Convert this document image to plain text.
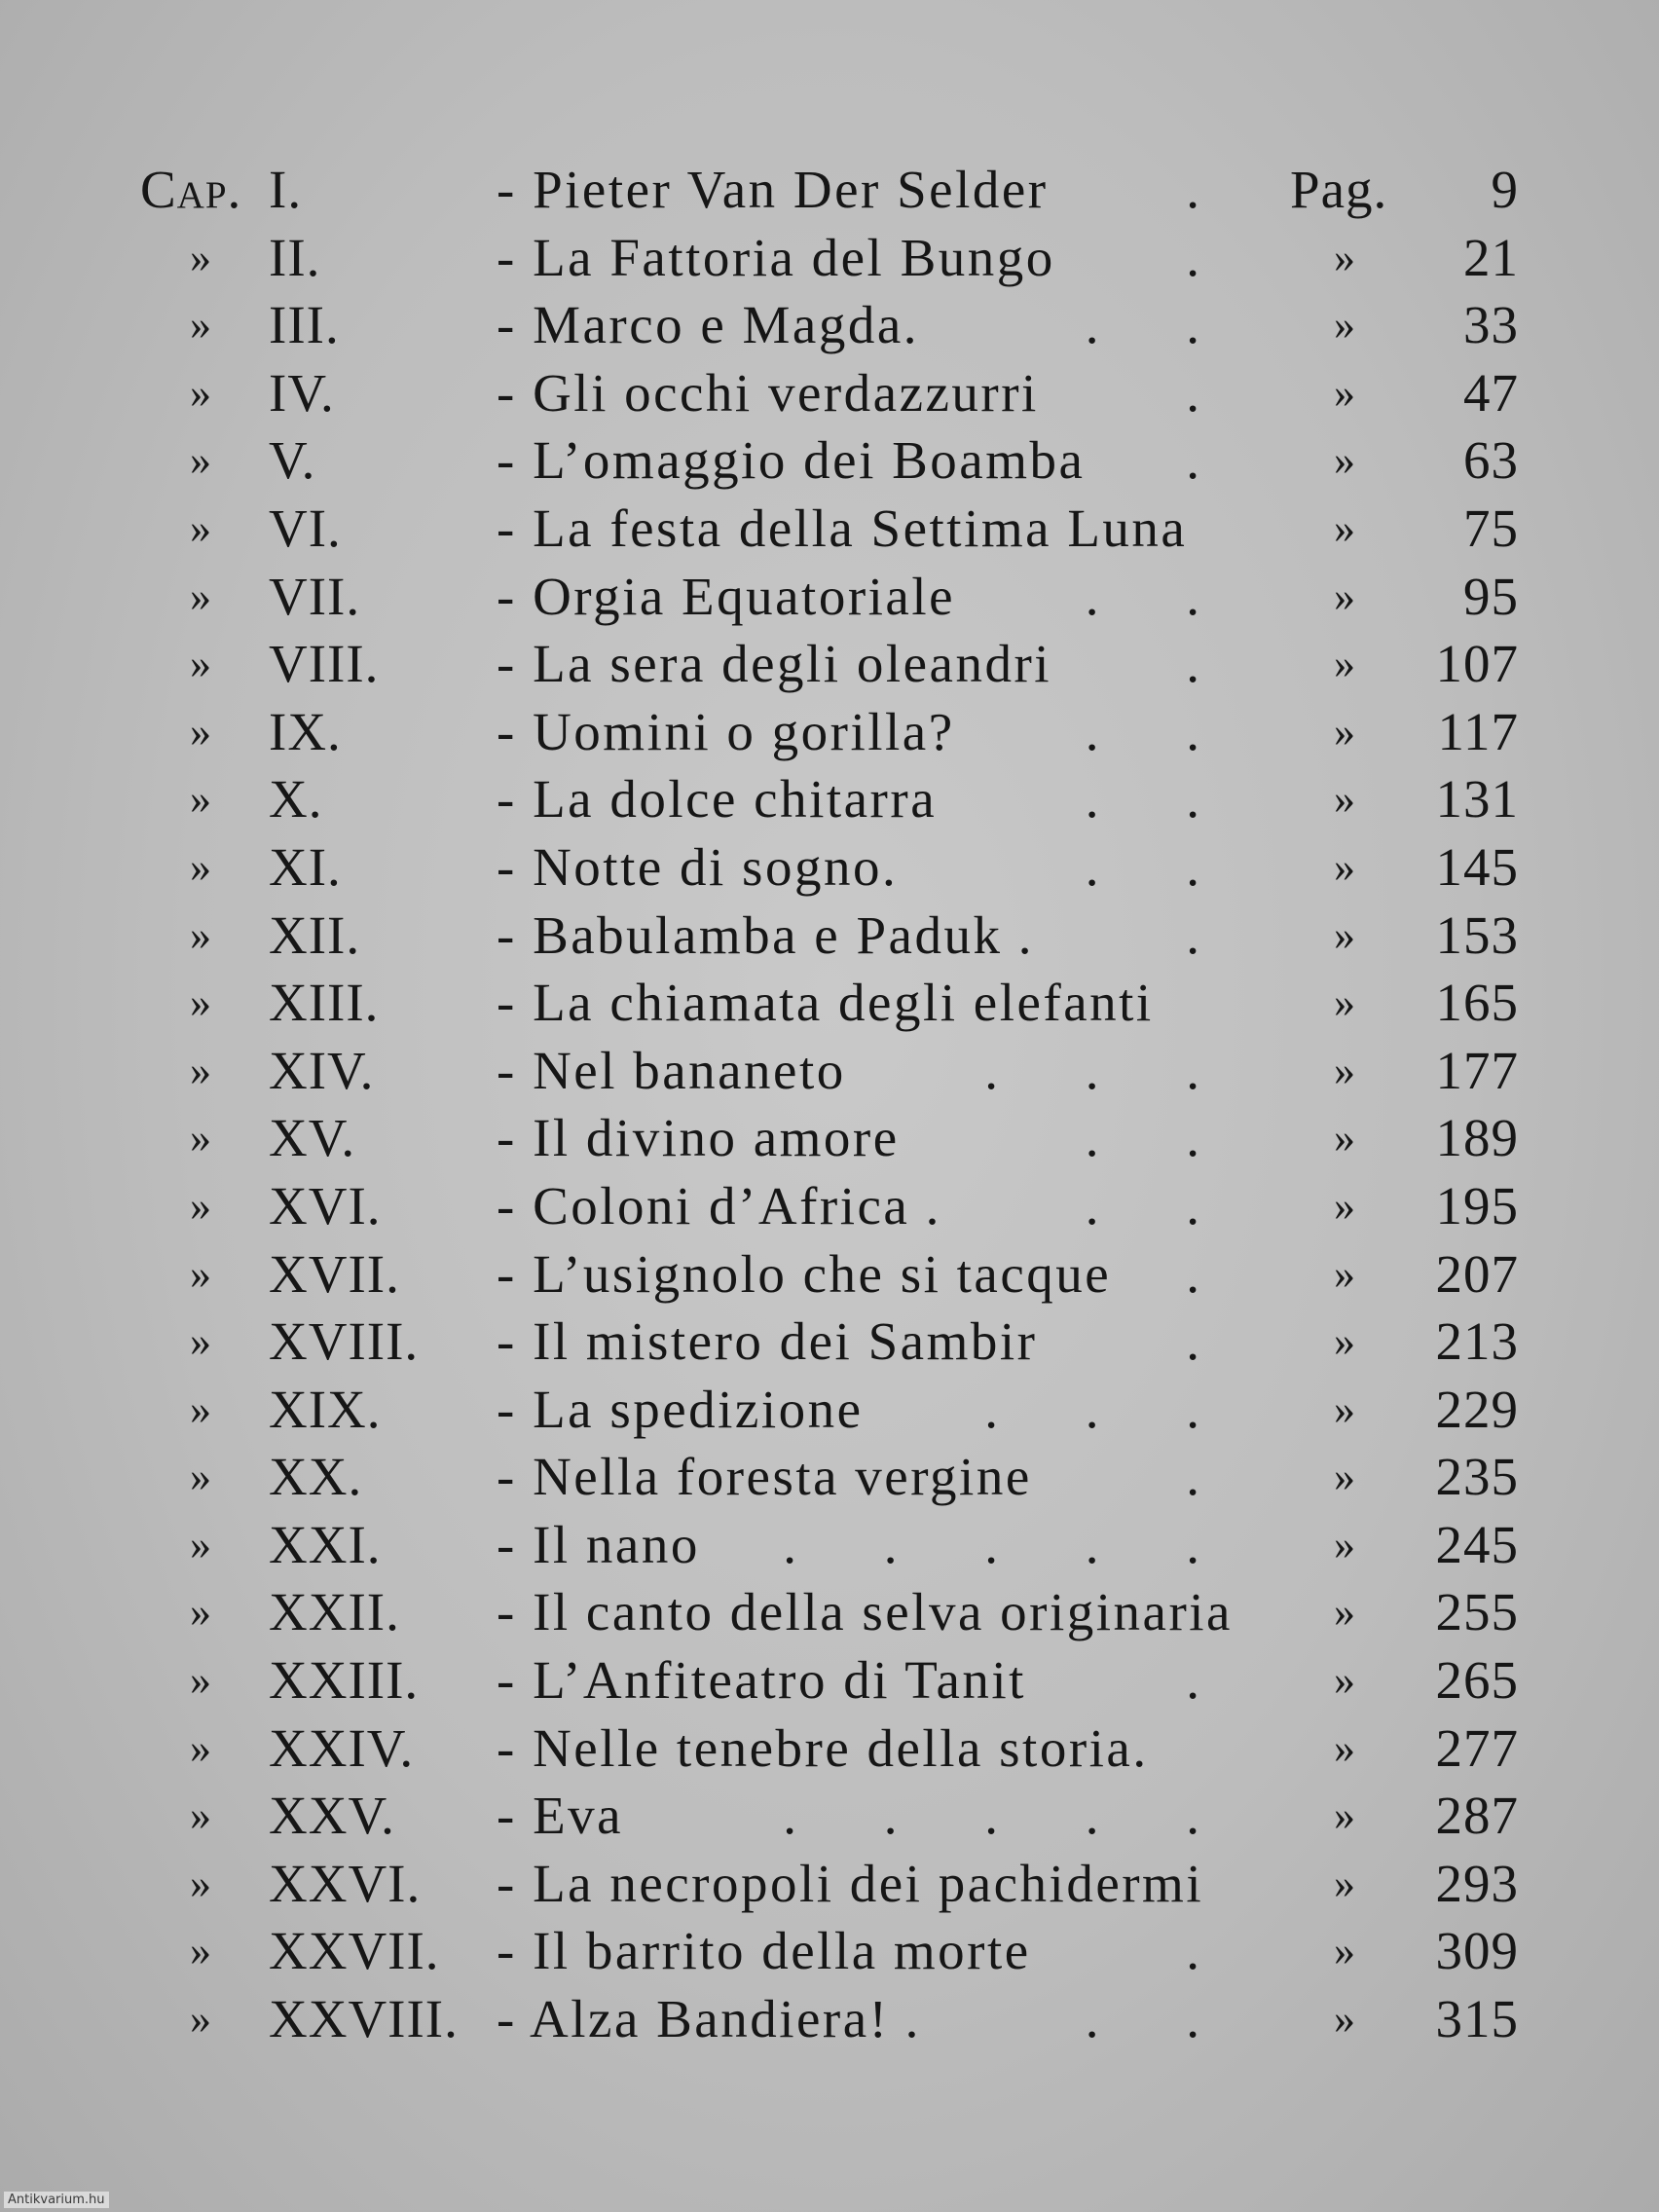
Cap. I.	- Pieter Van Der Selder	. Pag.	9
» II.	- La Fattoria del Bungo . »	21
» III.	- Marco e Magda.	. . »	33
» IV.	- Gli occhi verdazzurri	. »	47
» V.	- L’omaggio dei Boamba . »	63
» VI.	- La festa della Settima Luna	»	75
» VII.	- Orgia Equatoriale . . »	95
» VIII. - La sera degli oleandri	. »	107
» IX.	- Uomini o gorilla? . . »	117
» X.	- La dolce chitarra	. . »	131
» XI.	- Notte di sogno.	. . »	145
» XII.	- Babulamba e Paduk .	. »	153
» XIII. - La chiamata degli elefanti	»	165
» XIV. - Nel bananeto	. . . »	177
» XV.	- Il divino amore	. . »	189
» XVI. - Coloni d’Africa .	. . »	195
» XVII. - L’usignolo che si tacque . »	207
» XVIII. - Il mistero dei Sambir	. »	213
» XIX. - La spedizione . . . »	229
» XX.	- Nella foresta vergine	. »	235
» XXI. - Il nano . . . . . »	245
» XXII. - Il canto della selva originaria »	255
» XXIII. - L’Anfiteatro di Tanit	. »	265
» XXIV. - Nelle tenebre della storia.	»	277
» XXV. - Eva	. . . . . »	287
» XXVI. - La necropoli dei pachidermi	»	293
» XXVII. - Il barrito della morte	. »	309
» XXVIII. - Alza Bandiera! .	. . »	315
Antikvarium.hu
